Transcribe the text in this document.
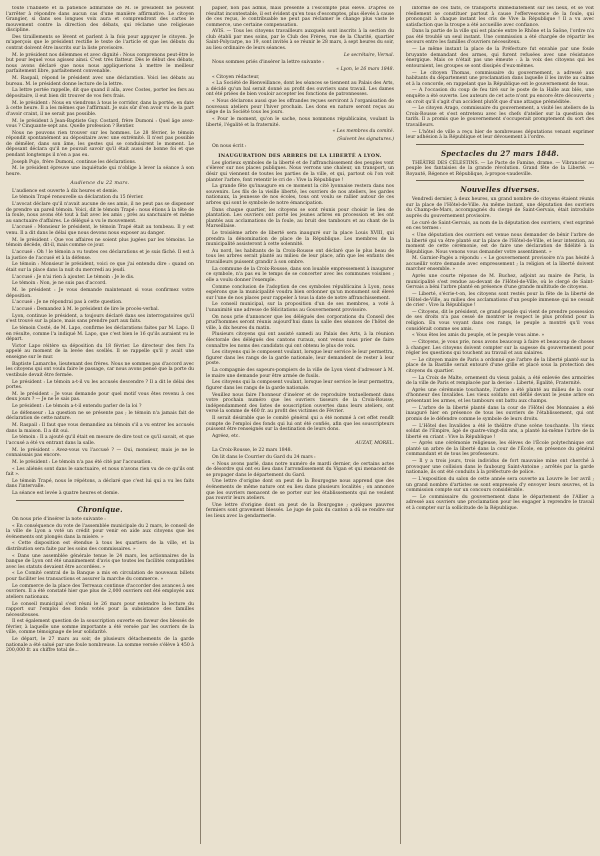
toute l'habileté et la patience admirable de M. le président ne peuvent l'arrêter à répondre dans aucun cas d'une manière affirmative. Le citoyen Grangier, si dans ses longues voix aura et comprendront des cartes le mouvement contre la direction des débats, qui réclame une religieuse discipline.

Des tiraillements se lèvent et parlent à la fois pour appuyer le citoyen. Je m'aperçois que le président rectifie le texte de l'article et que les débuts du contrat doivent être inscrits sur la liste provisoire.

M. le président nos délemmes et avec dignité : Nous comprenons peut-être le but pour lequel vous agissez ainsi. C'est très flatteur. Dès le début des débats, nous avons déclaré que nous nous appliquerions à mettre le meilleur parfaitement libre, parfaitement convenable.

M. Raspail, répond le président avec une déclaration. Voici les débats au bureau. M. le président donne lecture de la lettre.

La lettre portée rappelle, dit que quand il alla, avec Costes, porter les fers au dépositaire, il eut bien dit trouver de vos fers frais.

M. le président : Nous en viendrons à tous le corridor, dans la portée, en date à cette heure. Il a les mêmes que l'affirmait. Je suis sûr d'en avoir vu de la part d'avoir craint, il ne serait pas possible.

M. le président à Jean-Baptiste Guy. Costard, frère Dumoni : Quel âge avez-vous ? Cinquante-sept ans. Quelle profession ? Rentier.

Nous ne pouvons rien trouver sur les hommes. Le 28 février, le témoin répondit spontanément au dépositaire avec une extrémité. Il n'est pas possible de démêler, dans son âme, les gestes qui se conduisirent le moment. Le déposant déclara qu'il ne pouvait savoir qu'il était aussi de bonne foi et que pendant longtemps il n'en a pas eu.

Joseph Pujo, frère Dumoni, continue les déclarations.

M. le président épreuve une inquiétude qui n'oblige à lever la séance à son heure.

Audience du 22 mars.

L'audience est ouverte à dix heures et demie.

Le témoin Trapé renouvelle sa déclaration du 15 février.

L'avocat déclare qu'il n'avait aucune de ses amis, il ne peut pas se dispenser de prendre un pareil témoin. Voici, dit le témoin Trapé : nous étions à la tête de la foule, nous avons été tout à fait avec les amis ; près au sanctuaire et même au sanctuaire d'affaires. Le délégué a vu le mouvement.

L'accusé : Monsieur le président, le témoin Trapé était au tombeau. Il y est venu. Il a dit dans le délai que nous devons nous exposer au danger.

M. le président : Que vos affaires ne soient plus jugées par les témoins. Le témoin décède, dit-il, mais comme ce jour.

L'accusé : Oh ! le témoin a vu toutes ces déclarations et je suis fâché. Il est à la justice de l'accusé et à la défense.

Le témoin : Monsieur le président, voici ce que j'ai entendu dire : quand on était sur la place dans la nuit du mercredi au jeudi.

L'accusé : Je n'ai rien à ajouter. Le témoin : Je le dis.

Le témoin : Non, je ne suis pas d'accord.

M. le président : Je vous demande maintenant si vous confirmez votre déposition.

L'accusé : Je ne répondrai pas à cette question.

L'accusé : Demandez à M. le président de lire le procès-verbal.

Lyon, continue le président, a toujours déclaré dans ses interrogatoires qu'il s'est trouvé sur la place, mais sans prendre part aux faits.

Le témoin Costé, de M. Lapo, confirme les déclarations faites par M. Lapo. Il en résulte, comme l'a indiqué M. Lapo, que c'est bien le 16 qu'ils auraient vu le départ.

Victor Lapo réitère sa déposition du 18 février. Le directeur des fers l'a appelé au moment de la levée des scellés. Il se rappelle qu'il y avait une enseigne sur le mur.

Baptiste Lamarche, lieutenant des frères. Nous ne sommes pas d'accord avec les citoyens qui ont voulu faire le passage, car nous avons pensé que la porte du vestibule devait être fermée.

Le président : Le témoin a-t-il vu les accusés descendre ? Il a dit le délai des portes.

M. le président : Je vous demande pour quel motif vous êtes revenu à ces deux jours ? — Je ne le sais pas.

Le président : Le témoin a-t-il entendu parler de la loi ?

Le défenseur : La question ne se présente pas ; le témoin n'a jamais fait de déclaration de cette nature.

M. Raspail : Il faut que vous demandiez au témoin s'il a vu entrer les accusés dans la maison. Il a dit oui.

Le témoin : Il a ajouté qu'il était en mesure de dire tout ce qu'il savait, et que l'accusé a été vu entrant dans la salle.

M. le président : Avez-vous vu l'accusé ? — Oui, monsieur, mais je ne le connaissais pas encore.

M. le président : Le témoin n'a pas été cité par l'accusation.

« Les aliénés sont dans le sanctuaire, et nous n'avons rien vu de ce qu'ils ont fait ».

Le témoin Trapé, nous le répétons, a déclaré que c'est lui qui a vu les faits dans l'intervalle.

La séance est levée à quatre heures et demie.

Chronique.

On nous prie d'insérer la note suivante :

« En conséquence du vote de l'assemblée municipale du 2 mars, le conseil de la ville de Lyon a voté un crédit pour venir en aide aux citoyens que les événements ont plongés dans la misère. »

« Cette disposition est étendue à tous les quartiers de la ville, et la distribution sera faite par les soins des commissaires. »

« Dans une assemblée générale tenue le 24 mars, les actionnaires de la banque de Lyon ont été unanimement d'avis que toutes les facilités compatibles avec les statuts devaient être accordées. »

« Le Comité central de la Banque a mis en circulation de nouveaux billets pour faciliter les transactions et assurer la marche du commerce. »

Le commerce de la place des Terreaux continue d'accorder des avances à ses ouvriers. Il a été constaté hier que plus de 2,000 ouvriers ont été employés aux ateliers nationaux.

Le conseil municipal s'est réuni le 26 mars pour entendre la lecture du rapport sur l'emploi des fonds votés pour la subsistance des familles nécessiteuses.

Il est également question de la souscription ouverte en faveur des blessés de février, à laquelle une somme importante a été versée par les ouvriers de la ville, comme témoignage de leur solidarité.

Le départ, le 27 mars au soir, de plusieurs détachements de la garde nationale a été salué par une foule nombreuse. La somme versée s'élève à 450 à 200,000 fr. au chiffre total de...

papier, non pas admis, mais présenté à l'escompte plus élevé. D'après ce résultat incontestable, il est évident qu'en tous d'escomptes, plus élevés à cause de ces reçus, le contribuable ne peut pas réclamer le change plus vaste le commerce, une certaine compensation.

AVIS. — Tous les citoyens travailleurs auxquels sont inscrits à la section du club établi par mes soins, par le Club des Frères, rue de la Charité, quartier Saint-Polycarpe, no 19, sont invités à se réunir le 28 mars, à sept heures du soir, au lieu ordinaire de leurs séances.

Le secrétaire, Vernal.

Nous sommes priés d'insérer la lettre suivante :

« Lyon, le 26 mars 1848.

« Citoyen rédacteur,

« La Société de Bienveillance, dont les séances se tiennent au Palais des Arts, a décidé qu'un bal serait donné au profit des ouvriers sans travail. Les dames ont été priées de bien vouloir accepter les fonctions de patronnesses.

« Nous déclarons aussi que les offrandes reçues serviront à l'organisation de nouveaux ateliers pour l'hiver prochain. Les dons en nature seront reçus au siège de la Société tous les jours.

« Pour le moment, qu'on le sache, nous nommons républicains, voulant la liberté, l'égalité et la fraternité.

« Les membres du comité.
(Suivent les signatures.)

On nous écrit :

INAUGURATION DES ARBRES DE LA LIBERTÉ A LYON.

Les glorieux symboles de la liberté et de l'affranchissement des peuples vont s'élever sur nos places publiques. Nous verrons une chaleur, un transport, un désir qui viennent de toutes les parties de la ville, et qui, partout où l'on voit planter l'arbre, font retentir le cri de : Vive la République !

La grande fête qu'inaugure en ce moment la cité lyonnaise restera dans nos souvenirs. Les fils de la vieille liberté, les ouvriers de nos ateliers, les gardes nationaux, la jeunesse de nos écoles, tous ont voulu se rallier autour de ces arbres qui sont le symbole de notre émancipation.

Dans chaque quartier, les citoyens se sont réunis pour choisir le lieu de plantation. Les ouvriers ont porté les jeunes arbres en procession et les ont plantés aux acclamations de la foule, au bruit des tambours et au chant de la Marseillaise.

Le troisième arbre de liberté sera inauguré sur la place Louis XVIII, qui prendra la dénomination de place de la République. Les membres de la municipalité assisteront à cette solennité.

Au nord, les habitants de la Croix-Rousse ont déclaré que le plus beau de tous les arbres serait planté au milieu de leur place, afin que les enfants des travailleurs puissent grandir à son ombre.

La commune de la Croix-Rousse, dans son louable empressement à inaugurer ce symbole, n'a pas eu le temps de se concerter avec les communes voisines ; elle a voulu donner l'exemple.

Comme conclusion de l'adoption de ces symboles républicains à Lyon, nous espérons que la municipalité voudra bien ordonner qu'un monument soit élevé sur l'une de nos places pour rappeler à tous la date de notre affranchissement.

Le conseil municipal, sur la proposition d'un de ses membres, a voté à l'unanimité une adresse de félicitations au Gouvernement provisoire.

On nous prie d'annoncer que les délégués des corporations du Conseil des prud'hommes seront réunis aujourd'hui dans la salle des séances de l'hôtel de ville, à dix heures du matin.

Plusieurs citoyens qui ont assisté samedi au Palais des Arts, à la réunion électorale des délégués des cantons ruraux, sont venus nous prier de faire connaître les noms des candidats qui ont obtenu le plus de voix.

Les citoyens qui le composent voulant, lorsque leur service le leur permettra, figurer dans les rangs de la garde nationale, leur demandent de rester à leur poste.

La compagnie des sapeurs-pompiers de la ville de Lyon vient d'adresser à M. le maire une demande pour être armée de fusils.

Les citoyens qui la composent voulant, lorsque leur service le leur permettra, figurer dans les rangs de la garde nationale.

Veuillez nous faire l'honneur d'insérer et de reproduire textuellement dans votre prochain numéro que les ouvriers tisseurs de la Croix-Rousse, indépendamment des listes de souscription ouvertes dans leurs ateliers, ont versé la somme de 460 fr. au profit des victimes de Février.

Il serait désirable que le comité général qui a été nommé à cet effet rendît compte de l'emploi des fonds qui lui ont été confiés, afin que les souscripteurs puissent être renseignés sur la destination de leurs dons.

Agréez, etc.

AUZAT, MOREL.

La Croix-Rousse, le 22 mars 1848.

On lit dans le Courrier du Gard du 24 mars :

« Nous avons parlé, dans notre numéro de mardi dernier, de certains actes de désordre qui ont eu lieu dans l'arrondissement du Vigan et qui menacent de se propager dans le département du Gard.

Une lettre d'origine dont on peut de la Bourgogne nous apprend que des événements de même nature ont eu lieu dans plusieurs localités ; on annonce que les ouvriers menacent de se porter sur les établissements qui ne veulent pas rouvrir leurs ateliers.

Une lettre d'origine dont on peut de la Bourgogne ; quelques pauvres fermiers sont gravement blessés. Le juge de paix du canton a dû se rendre sur les lieux avec la gendarmerie.

informé de ces faits, ce transports immédiatement sur les lieux, et se voit réellement se constituer partout à cause l'effervescence de la foule, qui prononçait à chaque instant les cris de Vive la République ! Il a vu avec satisfaction que la troupe a été accueillie avec confiance.

Dans la partie de la ville qui est placée entre le Rhône et la Saône, l'ordre n'a pas été troublé un seul instant. Une commission a été chargée de répartir les secours entre les familles d'ouvriers nécessiteux.

— Le même instant la place de la Préfecture fut envahie par une foule bruyante demandant des armes, qui furent refusées avec une résistance énergique. Mais ce n'était pas une émeute : à la voix des citoyens qui les entouraient, les groupes se sont dissipés d'eux-mêmes.

— Le citoyen Thomas, commissaire du gouvernement, a adressé aux habitants du département une proclamation dans laquelle il les invite au calme et à la concorde, en rappelant que la République est le gouvernement de tous.

— A l'occasion du coup de feu tiré sur le poste de la Halle aux blés, une enquête a été ouverte. Les auteurs de cet acte n'ont pu encore être découverts ; on croit qu'il s'agit d'un accident plutôt que d'une attaque préméditée.

— Le citoyen Arago, commissaire du gouvernement, a visité les ateliers de la Croix-Rousse et s'est entretenu avec les chefs d'atelier sur la question des tarifs. Il a promis que le gouvernement s'occuperait promptement du sort des travailleurs.

— L'hôtel de ville a reçu hier de nombreuses députations venant exprimer leur adhésion à la République et leur dévouement à l'ordre.

Spectacles du 27 mars 1848.

THÉÂTRE DES CÉLESTINS. — Le Pacte de Famine, drame. — Vibrancier au peuple les fantaisies de la grande révolution. Grand fête de la Liberté. — Royauté, Régence et République, à-propos-vaudeville.

Nouvelles diverses.

Vendredi dernier, à deux heures, un grand nombre de citoyens étaient réunis sur la place de l'Hôtel-de-Ville. Au même instant, une députation des ouvriers du Champ-de-Mars, accompagnés du clergé de Saint-Gervais, était introduite auprès du gouvernement provisoire.

Le curé de Saint-Gervais, au nom de la députation des ouvriers, s'est exprimé en ces termes :

« Une députation des ouvriers est venue nous demander de bénir l'arbre de la liberté qui va être planté sur la place de l'Hôtel-de-Ville, et leur intention, au moment de cette cérémonie, est de faire une déclaration de fidélité à la République. Nous venons vous demander votre assentiment. »

M. Garnier-Pagès a répondu : « Le gouvernement provisoire n'a pas hésité à accueillir votre demande avec empressement ; la religion et la liberté doivent marcher ensemble. »

Après une courte réponse de M. Buchez, adjoint au maire de Paris, la municipalité s'est rendue au-devant de l'Hôtel-de-Ville, où le clergé de Saint-Gervais a béni l'arbre planté en présence d'une grande multitude de citoyens.

— Liberté, s'écrie-t-on, les citoyens sont restés pour la fête de la liberté de l'Hôtel-de-Ville, au milieu des acclamations d'un peuple immense qui ne cessait de crier : Vive la République !

— Citoyens, dit le président, ce grand peuple qui vient de prendre possession de ses droits n'a pas cessé de montrer le respect le plus profond pour la religion. En vous voyant dans ces rangs, le peuple a montré qu'il vous considérait comme ses amis.

« Vous êtes les amis du peuple, et le peuple vous aime. »

— Citoyens, je vous prie, nous avons beaucoup à faire et beaucoup de choses à changer. Les citoyens doivent compter sur la sagesse du gouvernement pour régler les questions qui touchent au travail et aux salaires.

— Le citoyen maire de Paris a ordonné que l'arbre de la liberté planté sur la place de la Bastille serait entouré d'une grille et placé sous la protection des citoyens du quartier.

— La Croix de Malte, ornement du vieux palais, a été enlevée des armoiries de la ville de Paris et remplacée par la devise : Liberté, Égalité, Fraternité.

Après une cérémonie touchante, l'arbre a été planté au milieu de la cour d'honneur des Invalides. Les vieux soldats ont défilé devant le jeune arbre en présentant les armes, et les tambours ont battu aux champs.

— L'arbre de la liberté planté dans la cour de l'Hôtel des Monnaies a été inauguré hier en présence de tous les ouvriers de l'établissement, qui ont promis de le défendre comme le symbole de leurs droits.

— L'Hôtel des Invalides a été le théâtre d'une scène touchante. Un vieux soldat de l'Empire, âgé de quatre-vingt-dix ans, a planté lui-même l'arbre de la liberté en criant : Vive la République !

— Après une cérémonie religieuse, les élèves de l'École polytechnique ont planté un arbre de la liberté dans la cour de l'École, en présence du général commandant et de tous les professeurs.

— Il y a trois jours, trois individus de fort mauvaise mine ont cherché à provoquer une collision dans le faubourg Saint-Antoine ; arrêtés par la garde nationale, ils ont été conduits à la préfecture de police.

— L'exposition du salon de cette année sera ouverte au Louvre le 1er avril ; un grand nombre d'artistes se sont empressés d'y envoyer leurs œuvres, et la commission compte sur un concours considérable.

— Le commissaire du gouvernement dans le département de l'Allier a adressé aux ouvriers une proclamation pour les engager à reprendre le travail et à compter sur la sollicitude de la République.
